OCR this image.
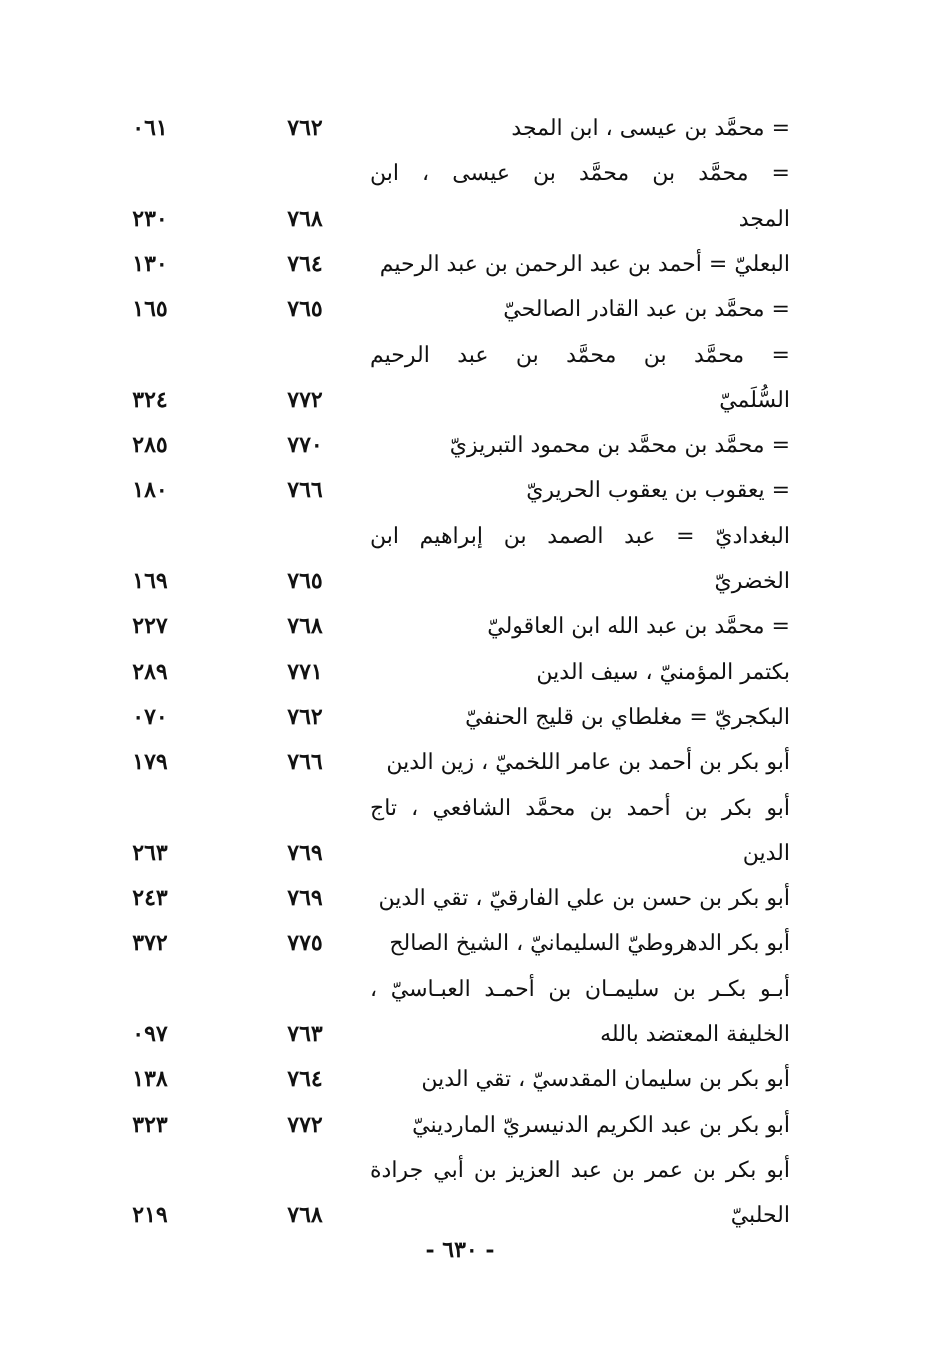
= محمَّد بن عيسى ، ابن المجد
٧٦٢
٠٦١
= محمَّد بن محمَّد بن عيسى ، ابن
المجد
٧٦٨
٢٣٠
البعليّ = أحمد بن عبد الرحمن بن عبد الرحيم
٧٦٤
١٣٠
= محمَّد بن عبد القادر الصالحيّ
٧٦٥
١٦٥
= محمَّد بن محمَّد بن عبد الرحيم
السُّلَميّ
٧٧٢
٣٢٤
= محمَّد بن محمَّد بن محمود التبريزيّ
٧٧٠
٢٨٥
= يعقوب بن يعقوب الحريريّ
٧٦٦
١٨٠
البغداديّ = عبد الصمد بن إبراهيم ابن
الخضريّ
٧٦٥
١٦٩
= محمَّد بن عبد الله ابن العاقوليّ
٧٦٨
٢٢٧
بكتمر المؤمنيّ ، سيف الدين
٧٧١
٢٨٩
البكجريّ = مغلطاي بن قليج الحنفيّ
٧٦٢
٠٧٠
أبو بكر بن أحمد بن عامر اللخميّ ، زين الدين
٧٦٦
١٧٩
أبو بكر بن أحمد بن محمَّد الشافعي ، تاج
الدين
٧٦٩
٢٦٣
أبو بكر بن حسن بن علي الفارقيّ ، تقي الدين
٧٦٩
٢٤٣
أبو بكر الدهروطيّ السليمانيّ ، الشيخ الصالح
٧٧٥
٣٧٢
أبـو بكـر بن سليمـان بن أحمـد العبـاسيّ ،
الخليفة المعتضد بالله
٧٦٣
٠٩٧
أبو بكر بن سليمان المقدسيّ ، تقي الدين
٧٦٤
١٣٨
أبو بكر بن عبد الكريم الدنيسريّ الماردينيّ
٧٧٢
٣٢٣
أبو بكر بن عمر بن عبد العزيز بن أبي جرادة
الحلبيّ
٧٦٨
٢١٩
- ٦٣٠ -
